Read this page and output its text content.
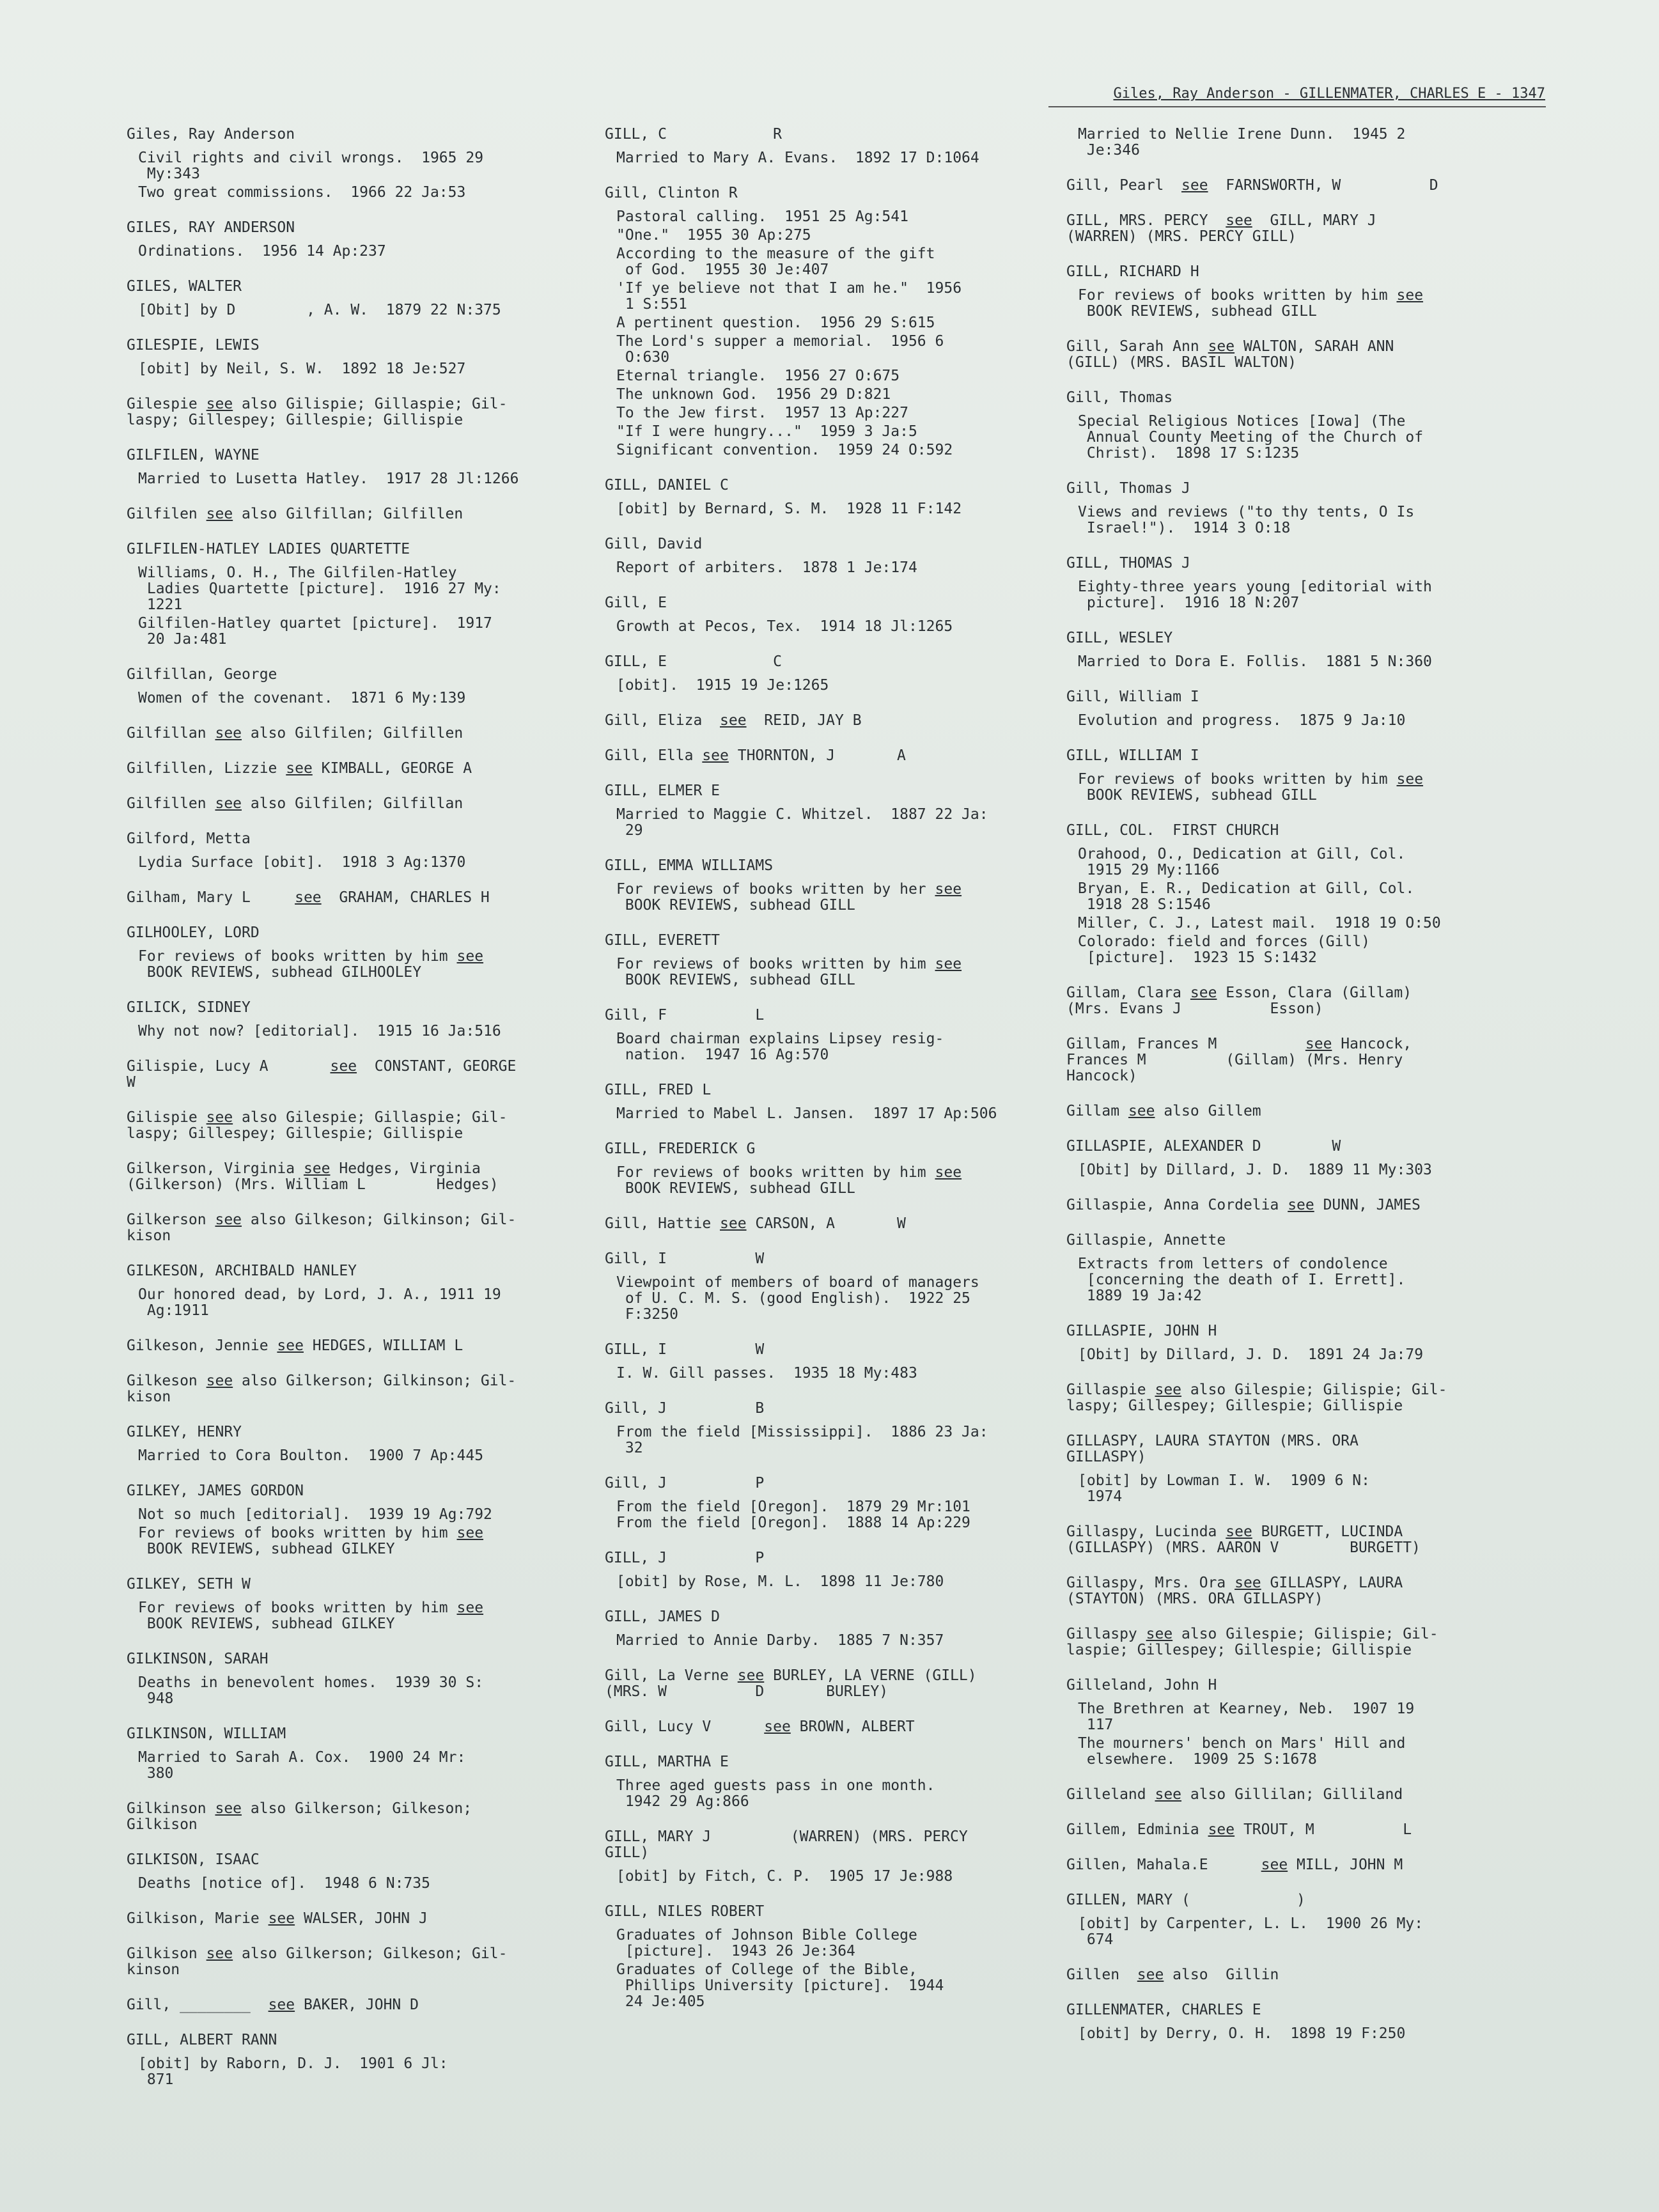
Giles, Ray Anderson - GILLENMATER, CHARLES E - 1347
Giles, Ray Anderson
Civil rights and civil wrongs.  1965 29
My:343
Two great commissions.  1966 22 Ja:53
GILES, RAY ANDERSON
Ordinations.  1956 14 Ap:237
GILES, WALTER
[Obit] by D        , A. W.  1879 22 N:375
GILESPIE, LEWIS
[obit] by Neil, S. W.  1892 18 Je:527
Gilespie see also Gilispie; Gillaspie; Gil-
laspy; Gillespey; Gillespie; Gillispie
GILFILEN, WAYNE
Married to Lusetta Hatley.  1917 28 Jl:1266
Gilfilen see also Gilfillan; Gilfillen
GILFILEN-HATLEY LADIES QUARTETTE
Williams, O. H., The Gilfilen-Hatley
Ladies Quartette [picture].  1916 27 My:
1221
Gilfilen-Hatley quartet [picture].  1917
20 Ja:481
Gilfillan, George
Women of the covenant.  1871 6 My:139
Gilfillan see also Gilfilen; Gilfillen
Gilfillen, Lizzie see KIMBALL, GEORGE A
Gilfillen see also Gilfilen; Gilfillan
Gilford, Metta
Lydia Surface [obit].  1918 3 Ag:1370
Gilham, Mary L     see  GRAHAM, CHARLES H
GILHOOLEY, LORD
For reviews of books written by him see
BOOK REVIEWS, subhead GILHOOLEY
GILICK, SIDNEY
Why not now? [editorial].  1915 16 Ja:516
Gilispie, Lucy A       see  CONSTANT, GEORGE
W
Gilispie see also Gilespie; Gillaspie; Gil-
laspy; Gillespey; Gillespie; Gillispie
Gilkerson, Virginia see Hedges, Virginia
(Gilkerson) (Mrs. William L        Hedges)
Gilkerson see also Gilkeson; Gilkinson; Gil-
kison
GILKESON, ARCHIBALD HANLEY
Our honored dead, by Lord, J. A., 1911 19
Ag:1911
Gilkeson, Jennie see HEDGES, WILLIAM L
Gilkeson see also Gilkerson; Gilkinson; Gil-
kison
GILKEY, HENRY
Married to Cora Boulton.  1900 7 Ap:445
GILKEY, JAMES GORDON
Not so much [editorial].  1939 19 Ag:792
For reviews of books written by him see
BOOK REVIEWS, subhead GILKEY
GILKEY, SETH W
For reviews of books written by him see
BOOK REVIEWS, subhead GILKEY
GILKINSON, SARAH
Deaths in benevolent homes.  1939 30 S:
948
GILKINSON, WILLIAM
Married to Sarah A. Cox.  1900 24 Mr:
380
Gilkinson see also Gilkerson; Gilkeson;
Gilkison
GILKISON, ISAAC
Deaths [notice of].  1948 6 N:735
Gilkison, Marie see WALSER, JOHN J
Gilkison see also Gilkerson; Gilkeson; Gil-
kinson
Gill, ________  see BAKER, JOHN D
GILL, ALBERT RANN
[obit] by Raborn, D. J.  1901 6 Jl:
871
GILL, C            R
Married to Mary A. Evans.  1892 17 D:1064
Gill, Clinton R
Pastoral calling.  1951 25 Ag:541
"One."  1955 30 Ap:275
According to the measure of the gift
of God.  1955 30 Je:407
'If ye believe not that I am he."  1956
1 S:551
A pertinent question.  1956 29 S:615
The Lord's supper a memorial.  1956 6
O:630
Eternal triangle.  1956 27 O:675
The unknown God.  1956 29 D:821
To the Jew first.  1957 13 Ap:227
"If I were hungry..."  1959 3 Ja:5
Significant convention.  1959 24 O:592
GILL, DANIEL C
[obit] by Bernard, S. M.  1928 11 F:142
Gill, David
Report of arbiters.  1878 1 Je:174
Gill, E
Growth at Pecos, Tex.  1914 18 Jl:1265
GILL, E            C
[obit].  1915 19 Je:1265
Gill, Eliza  see  REID, JAY B
Gill, Ella see THORNTON, J       A
GILL, ELMER E
Married to Maggie C. Whitzel.  1887 22 Ja:
29
GILL, EMMA WILLIAMS
For reviews of books written by her see
BOOK REVIEWS, subhead GILL
GILL, EVERETT
For reviews of books written by him see
BOOK REVIEWS, subhead GILL
Gill, F          L
Board chairman explains Lipsey resig-
nation.  1947 16 Ag:570
GILL, FRED L
Married to Mabel L. Jansen.  1897 17 Ap:506
GILL, FREDERICK G
For reviews of books written by him see
BOOK REVIEWS, subhead GILL
Gill, Hattie see CARSON, A       W
Gill, I          W
Viewpoint of members of board of managers
of U. C. M. S. (good English).  1922 25
F:3250
GILL, I          W
I. W. Gill passes.  1935 18 My:483
Gill, J          B
From the field [Mississippi].  1886 23 Ja:
32
Gill, J          P
From the field [Oregon].  1879 29 Mr:101
From the field [Oregon].  1888 14 Ap:229
GILL, J          P
[obit] by Rose, M. L.  1898 11 Je:780
GILL, JAMES D
Married to Annie Darby.  1885 7 N:357
Gill, La Verne see BURLEY, LA VERNE (GILL)
(MRS. W          D       BURLEY)
Gill, Lucy V      see BROWN, ALBERT
GILL, MARTHA E
Three aged guests pass in one month.
1942 29 Ag:866
GILL, MARY J         (WARREN) (MRS. PERCY
GILL)
[obit] by Fitch, C. P.  1905 17 Je:988
GILL, NILES ROBERT
Graduates of Johnson Bible College
[picture].  1943 26 Je:364
Graduates of College of the Bible,
Phillips University [picture].  1944
24 Je:405
Married to Nellie Irene Dunn.  1945 2
Je:346
Gill, Pearl  see  FARNSWORTH, W          D
GILL, MRS. PERCY  see  GILL, MARY J
(WARREN) (MRS. PERCY GILL)
GILL, RICHARD H
For reviews of books written by him see
BOOK REVIEWS, subhead GILL
Gill, Sarah Ann see WALTON, SARAH ANN
(GILL) (MRS. BASIL WALTON)
Gill, Thomas
Special Religious Notices [Iowa] (The
Annual County Meeting of the Church of
Christ).  1898 17 S:1235
Gill, Thomas J
Views and reviews ("to thy tents, O Is
Israel!").  1914 3 O:18
GILL, THOMAS J
Eighty-three years young [editorial with
picture].  1916 18 N:207
GILL, WESLEY
Married to Dora E. Follis.  1881 5 N:360
Gill, William I
Evolution and progress.  1875 9 Ja:10
GILL, WILLIAM I
For reviews of books written by him see
BOOK REVIEWS, subhead GILL
GILL, COL.  FIRST CHURCH
Orahood, O., Dedication at Gill, Col.
1915 29 My:1166
Bryan, E. R., Dedication at Gill, Col.
1918 28 S:1546
Miller, C. J., Latest mail.  1918 19 O:50
Colorado: field and forces (Gill)
[picture].  1923 15 S:1432
Gillam, Clara see Esson, Clara (Gillam)
(Mrs. Evans J          Esson)
Gillam, Frances M          see Hancock,
Frances M         (Gillam) (Mrs. Henry
Hancock)
Gillam see also Gillem
GILLASPIE, ALEXANDER D        W
[Obit] by Dillard, J. D.  1889 11 My:303
Gillaspie, Anna Cordelia see DUNN, JAMES
Gillaspie, Annette
Extracts from letters of condolence
[concerning the death of I. Errett].
1889 19 Ja:42
GILLASPIE, JOHN H
[Obit] by Dillard, J. D.  1891 24 Ja:79
Gillaspie see also Gilespie; Gilispie; Gil-
laspy; Gillespey; Gillespie; Gillispie
GILLASPY, LAURA STAYTON (MRS. ORA
GILLASPY)
[obit] by Lowman I. W.  1909 6 N:
1974
Gillaspy, Lucinda see BURGETT, LUCINDA
(GILLASPY) (MRS. AARON V        BURGETT)
Gillaspy, Mrs. Ora see GILLASPY, LAURA
(STAYTON) (MRS. ORA GILLASPY)
Gillaspy see also Gilespie; Gilispie; Gil-
laspie; Gillespey; Gillespie; Gillispie
Gilleland, John H
The Brethren at Kearney, Neb.  1907 19
117
The mourners' bench on Mars' Hill and
elsewhere.  1909 25 S:1678
Gilleland see also Gillilan; Gilliland
Gillem, Edminia see TROUT, M          L
Gillen, Mahala.E      see MILL, JOHN M
GILLEN, MARY (            )
[obit] by Carpenter, L. L.  1900 26 My:
674
Gillen  see also  Gillin
GILLENMATER, CHARLES E
[obit] by Derry, O. H.  1898 19 F:250
